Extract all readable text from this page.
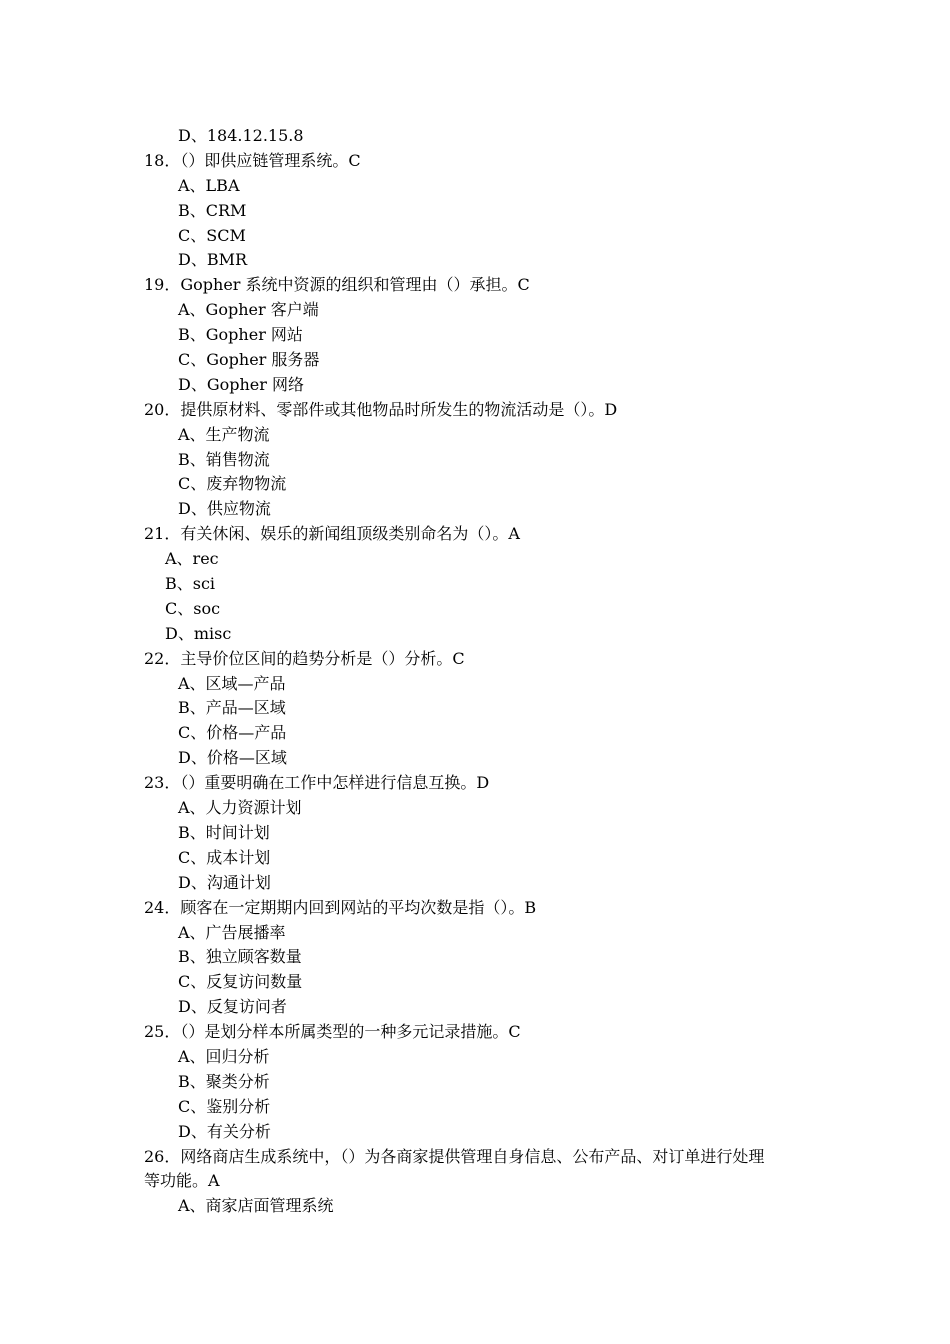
D、184.12.15.8
18．（）即供应链管理系统。C
A、LBA
B、CRM
C、SCM
D、BMR
19．Gopher 系统中资源的组织和管理由（）承担。C
A、Gopher 客户端
B、Gopher 网站
C、Gopher 服务器
D、Gopher 网络
20．提供原材料、零部件或其他物品时所发生的物流活动是（）。D
A、生产物流
B、销售物流
C、废弃物物流
D、供应物流
21．有关休闲、娱乐的新闻组顶级类别命名为（）。A
A、rec
B、sci
C、soc
D、misc
22．主导价位区间的趋势分析是（）分析。C
A、区域—产品
B、产品—区域
C、价格—产品
D、价格—区域
23．（）重要明确在工作中怎样进行信息互换。D
A、人力资源计划
B、时间计划
C、成本计划
D、沟通计划
24．顾客在一定期期内回到网站的平均次数是指（）。B
A、广告展播率
B、独立顾客数量
C、反复访问数量
D、反复访问者
25．（）是划分样本所属类型的一种多元记录措施。C
A、回归分析
B、聚类分析
C、鉴别分析
D、有关分析
26．网络商店生成系统中，（）为各商家提供管理自身信息、公布产品、对订单进行处理
等功能。A
A、商家店面管理系统
